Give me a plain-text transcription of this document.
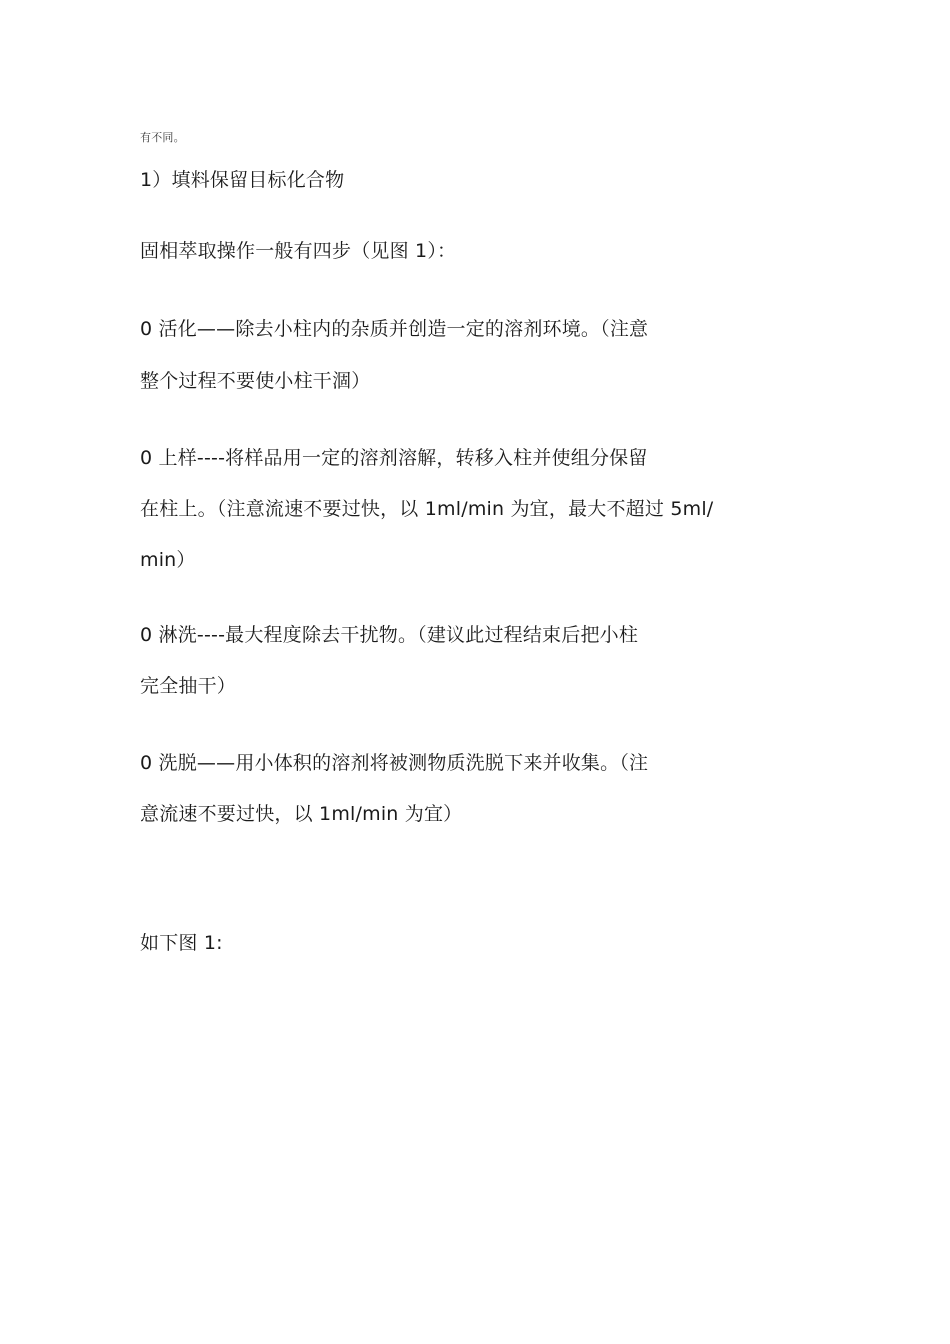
有不同。
1）填料保留目标化合物
固相萃取操作一般有四步（见图 1）：
0 活化——除去小柱内的杂质并创造一定的溶剂环境。（注意
整个过程不要使小柱干涸）
0 上样----将样品用一定的溶剂溶解，转移入柱并使组分保留
在柱上。（注意流速不要过快，以 1ml/min 为宜，最大不超过 5ml/
min）
0 淋洗----最大程度除去干扰物。（建议此过程结束后把小柱
完全抽干）
0 洗脱——用小体积的溶剂将被测物质洗脱下来并收集。（注
意流速不要过快，以 1ml/min 为宜）
如下图 1:
